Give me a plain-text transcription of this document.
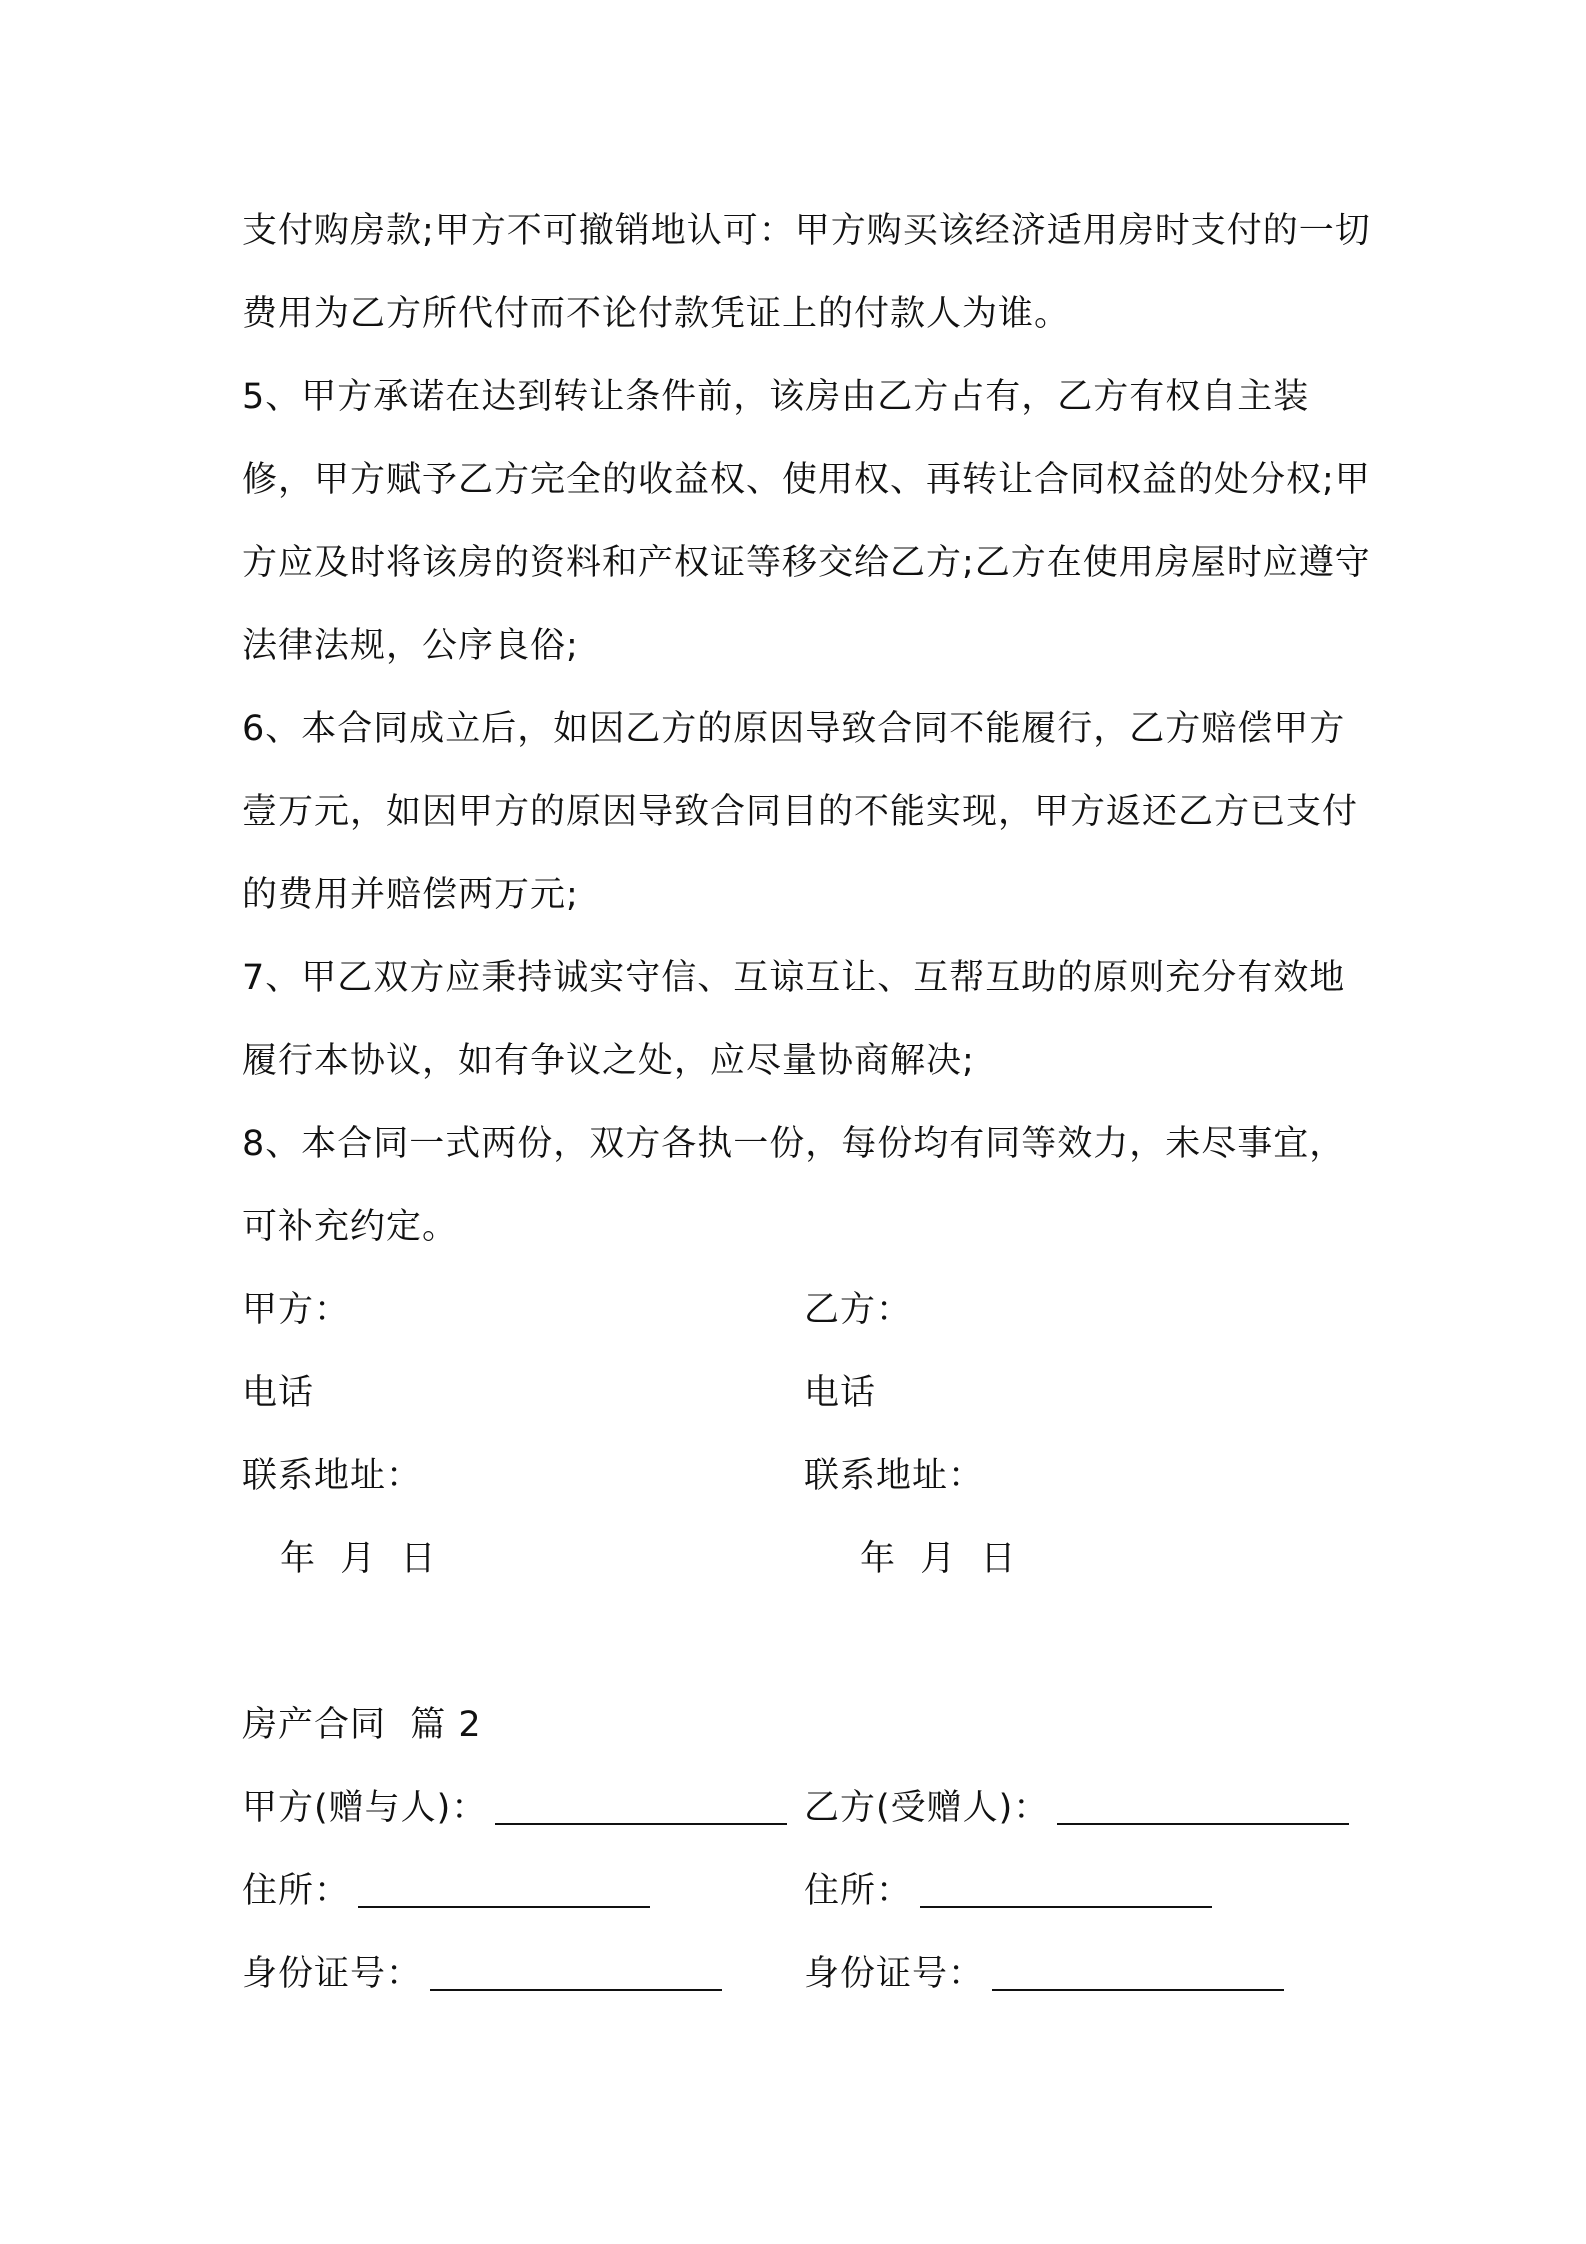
支付购房款;甲方不可撤销地认可：甲方购买该经济适用房时支付的一切费用为乙方所代付而不论付款凭证上的付款人为谁。

5、甲方承诺在达到转让条件前，该房由乙方占有，乙方有权自主装修，甲方赋予乙方完全的收益权、使用权、再转让合同权益的处分权;甲方应及时将该房的资料和产权证等移交给乙方;乙方在使用房屋时应遵守法律法规，公序良俗;

6、本合同成立后，如因乙方的原因导致合同不能履行，乙方赔偿甲方壹万元，如因甲方的原因导致合同目的不能实现，甲方返还乙方已支付的费用并赔偿两万元;

7、甲乙双方应秉持诚实守信、互谅互让、互帮互助的原则充分有效地履行本协议，如有争议之处，应尽量协商解决;

8、本合同一式两份，双方各执一份，每份均有同等效力，未尽事宜，可补充约定。

甲方：	乙方：
电话	电话
联系地址：	联系地址：
年  月  日	年  月  日
房产合同  篇 2
甲方(赠与人)：	乙方(受赠人)：
住所：	住所：
身份证号：	身份证号：
